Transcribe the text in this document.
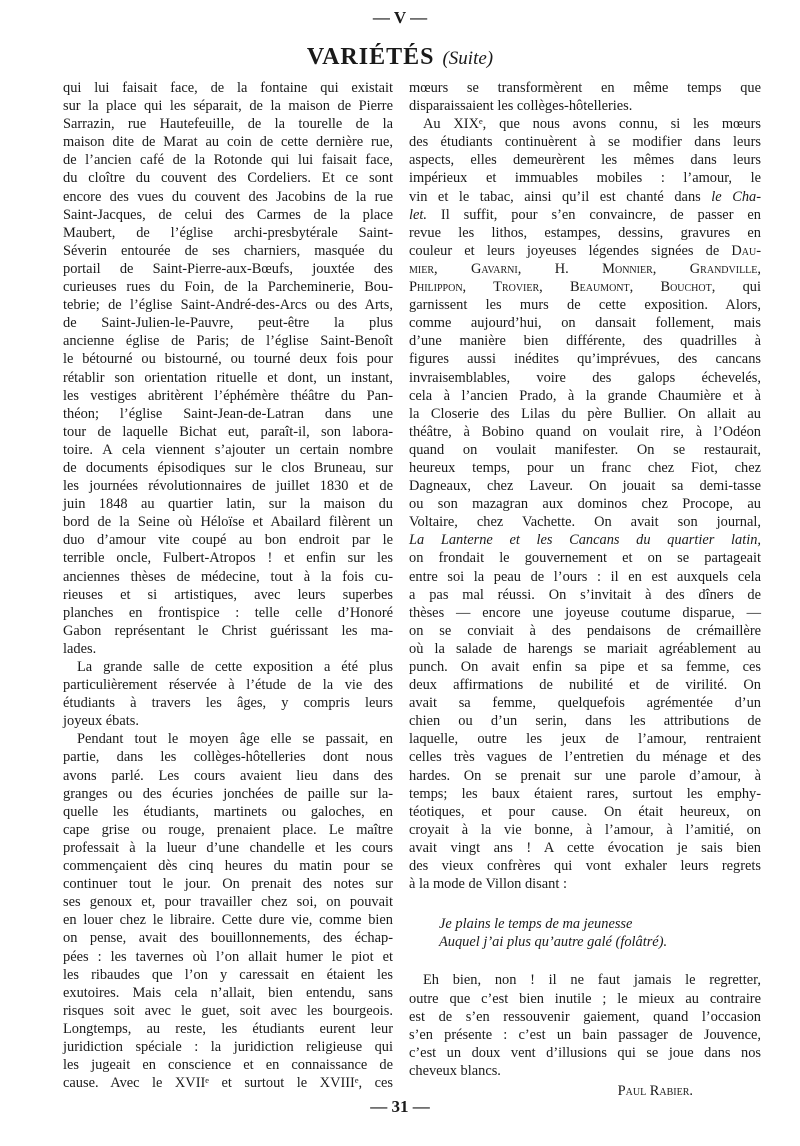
— V —
VARIÉTÉS (Suite)
qui lui faisait face, de la fontaine qui existait
sur la place qui les séparait, de la maison de Pierre
Sarrazin, rue Hautefeuille, de la tourelle de la
maison dite de Marat au coin de cette dernière rue,
de l’ancien café de la Rotonde qui lui faisait face,
du cloître du couvent des Cordeliers. Et ce sont
encore des vues du couvent des Jacobins de la rue
Saint-Jacques, de celui des Carmes de la place
Maubert, de l’église archi-presbytérale Saint-
Séverin entourée de ses charniers, masquée du
portail de Saint-Pierre-aux-Bœufs, jouxtée des
curieuses rues du Foin, de la Parcheminerie, Bou-
tebrie; de l’église Saint-André-des-Arcs ou des Arts,
de Saint-Julien-le-Pauvre, peut-être la plus
ancienne église de Paris; de l’église Saint-Benoît
le bétourné ou bistourné, ou tourné deux fois pour
rétablir son orientation rituelle et dont, un instant,
les vestiges abritèrent l’éphémère théâtre du Pan-
théon; l’église Saint-Jean-de-Latran dans une
tour de laquelle Bichat eut, paraît-il, son labora-
toire. A cela viennent s’ajouter un certain nombre
de documents épisodiques sur le clos Bruneau, sur
les journées révolutionnaires de juillet 1830 et de
juin 1848 au quartier latin, sur la maison du
bord de la Seine où Héloïse et Abailard filèrent un
duo d’amour vite coupé au bon endroit par le
terrible oncle, Fulbert-Atropos ! et enfin sur les
anciennes thèses de médecine, tout à la fois cu-
rieuses et si artistiques, avec leurs superbes
planches en frontispice : telle celle d’Honoré
Gabon représentant le Christ guérissant les ma-
lades.
La grande salle de cette exposition a été plus
particulièrement réservée à l’étude de la vie des
étudiants à travers les âges, y compris leurs
joyeux ébats.
Pendant tout le moyen âge elle se passait, en
partie, dans les collèges-hôtelleries dont nous
avons parlé. Les cours avaient lieu dans des
granges ou des écuries jonchées de paille sur la-
quelle les étudiants, martinets ou galoches, en
cape grise ou rouge, prenaient place. Le maître
professait à la lueur d’une chandelle et les cours
commençaient dès cinq heures du matin pour se
continuer tout le jour. On prenait des notes sur
ses genoux et, pour travailler chez soi, on pouvait
en louer chez le libraire. Cette dure vie, comme bien
on pense, avait des bouillonnements, des échap-
pées : les tavernes où l’on allait humer le piot et
les ribaudes que l’on y caressait en étaient les
exutoires. Mais cela n’allait, bien entendu, sans
risques soit avec le guet, soit avec les bourgeois.
Longtemps, au reste, les étudiants eurent leur
juridiction spéciale : la juridiction religieuse qui
les jugeait en conscience et en connaissance de
cause. Avec le XVIIᵉ et surtout le XVIIIᵉ, ces
mœurs se transformèrent en même temps que
disparaissaient les collèges-hôtelleries.
Au XIXᵉ, que nous avons connu, si les mœurs
des étudiants continuèrent à se modifier dans leurs
aspects, elles demeurèrent les mêmes dans leurs
impérieux et immuables mobiles : l’amour, le
vin et le tabac, ainsi qu’il est chanté dans le Cha-
let. Il suffit, pour s’en convaincre, de passer en
revue les lithos, estampes, dessins, gravures en
couleur et leurs joyeuses légendes signées de Dau-
mier, Gavarni, H. Monnier, Grandville,
Philippon, Trovier, Beaumont, Bouchot, qui
garnissent les murs de cette exposition. Alors,
comme aujourd’hui, on dansait follement, mais
d’une manière bien différente, des quadrilles à
figures aussi inédites qu’imprévues, des cancans
invraisemblables, voire des galops échevelés,
cela à l’ancien Prado, à la grande Chaumière et à
la Closerie des Lilas du père Bullier. On allait au
théâtre, à Bobino quand on voulait rire, à l’Odéon
quand on voulait manifester. On se restaurait,
heureux temps, pour un franc chez Fiot, chez
Dagneaux, chez Laveur. On jouait sa demi-tasse
ou son mazagran aux dominos chez Procope, au
Voltaire, chez Vachette. On avait son journal,
La Lanterne et les Cancans du quartier latin,
on frondait le gouvernement et on se partageait
entre soi la peau de l’ours : il en est auxquels cela
a pas mal réussi. On s’invitait à des dîners de
thèses — encore une joyeuse coutume disparue, —
on se conviait à des pendaisons de crémaillère
où la salade de harengs se mariait agréablement au
punch. On avait enfin sa pipe et sa femme, ces
deux affirmations de nubilité et de virilité. On
avait sa femme, quelquefois agrémentée d’un
chien ou d’un serin, dans les attributions de
laquelle, outre les jeux de l’amour, rentraient
celles très vagues de l’entretien du ménage et des
hardes. On se prenait sur une parole d’amour, à
temps; les baux étaient rares, surtout les emphy-
téotiques, et pour cause. On était heureux, on
croyait à la vie bonne, à l’amour, à l’amitié, on
avait vingt ans ! A cette évocation je sais bien
des vieux confrères qui vont exhaler leurs regrets
à la mode de Villon disant :
Je plains le temps de ma jeunesse
Auquel j’ai plus qu’autre galé (folâtré).
Eh bien, non ! il ne faut jamais le regretter,
outre que c’est bien inutile ; le mieux au contraire
est de s’en ressouvenir gaiement, quand l’occasion
s’en présente : c’est un bain passager de Jouvence,
c’est un doux vent d’illusions qui se joue dans nos
cheveux blancs.
Paul Rabier.
— 31 —
